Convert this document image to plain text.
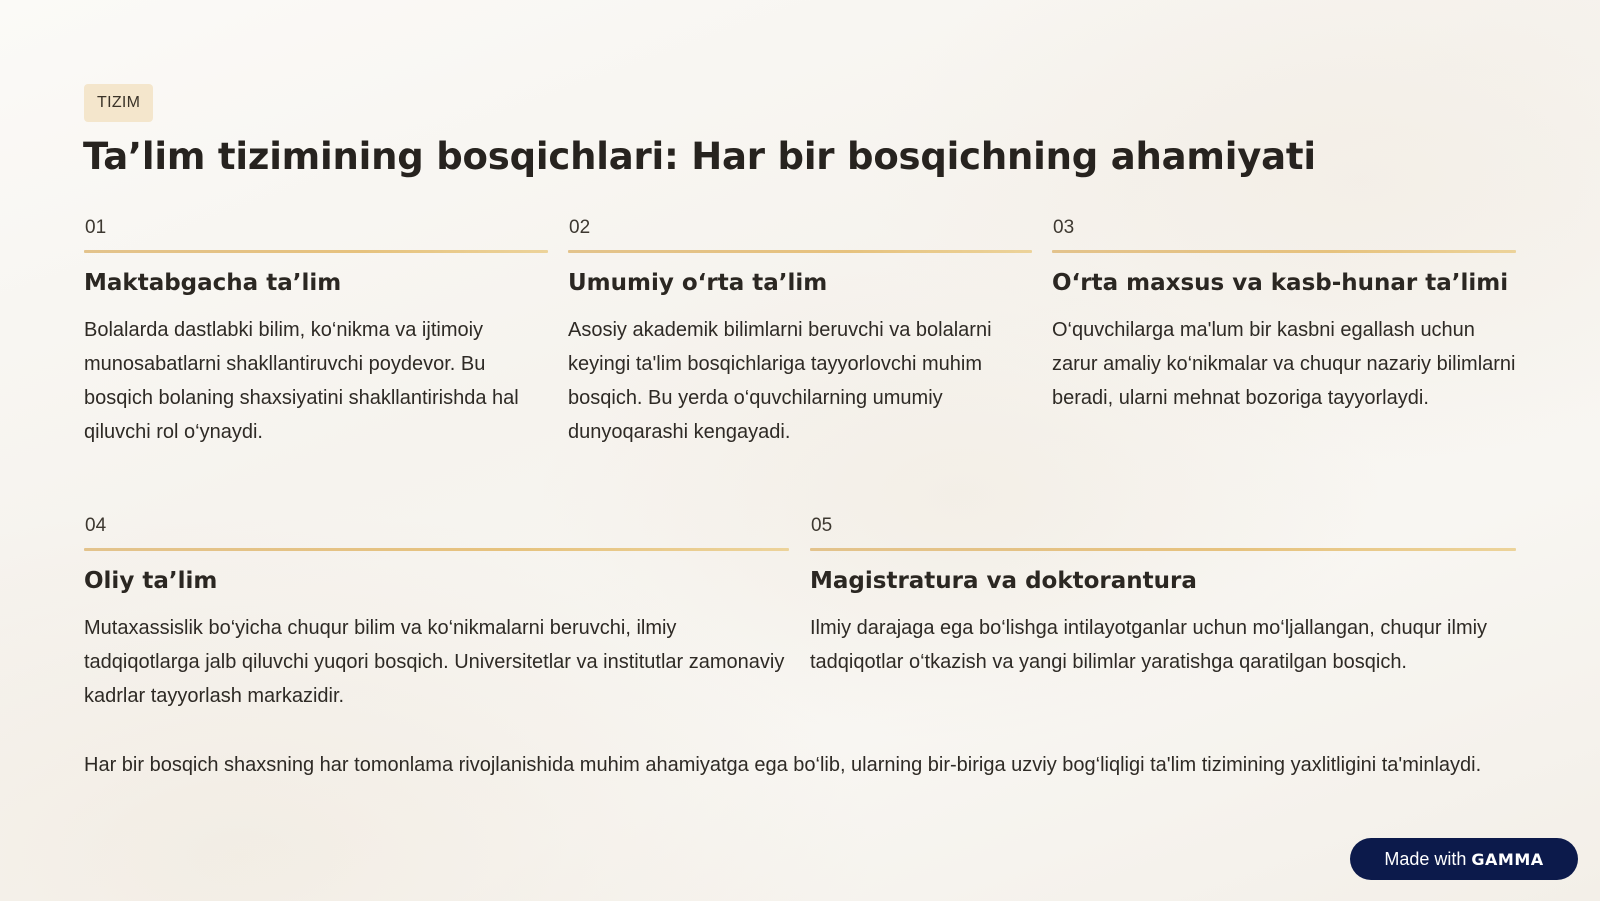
TIZIM
Ta’lim tizimining bosqichlari: Har bir bosqichning ahamiyati
01
Maktabgacha ta’lim
Bolalarda dastlabki bilim, ko‘nikma va ijtimoiy munosabatlarni shakllantiruvchi poydevor. Bu bosqich bolaning shaxsiyatini shakllantirishda hal qiluvchi rol o‘ynaydi.
02
Umumiy o‘rta ta’lim
Asosiy akademik bilimlarni beruvchi va bolalarni keyingi ta'lim bosqichlariga tayyorlovchi muhim bosqich. Bu yerda o‘quvchilarning umumiy dunyoqarashi kengayadi.
03
O‘rta maxsus va kasb-hunar ta’limi
O‘quvchilarga ma'lum bir kasbni egallash uchun zarur amaliy ko‘nikmalar va chuqur nazariy bilimlarni beradi, ularni mehnat bozoriga tayyorlaydi.
04
Oliy ta’lim
Mutaxassislik bo‘yicha chuqur bilim va ko‘nikmalarni beruvchi, ilmiy tadqiqotlarga jalb qiluvchi yuqori bosqich. Universitetlar va institutlar zamonaviy kadrlar tayyorlash markazidir.
05
Magistratura va doktorantura
Ilmiy darajaga ega bo‘lishga intilayotganlar uchun mo‘ljallangan, chuqur ilmiy tadqiqotlar o‘tkazish va yangi bilimlar yaratishga qaratilgan bosqich.

Har bir bosqich shaxsning har tomonlama rivojlanishida muhim ahamiyatga ega bo‘lib, ularning bir-biriga uzviy bog‘liqligi ta'lim tizimining yaxlitligini ta'minlaydi.

Made with GAMMA
